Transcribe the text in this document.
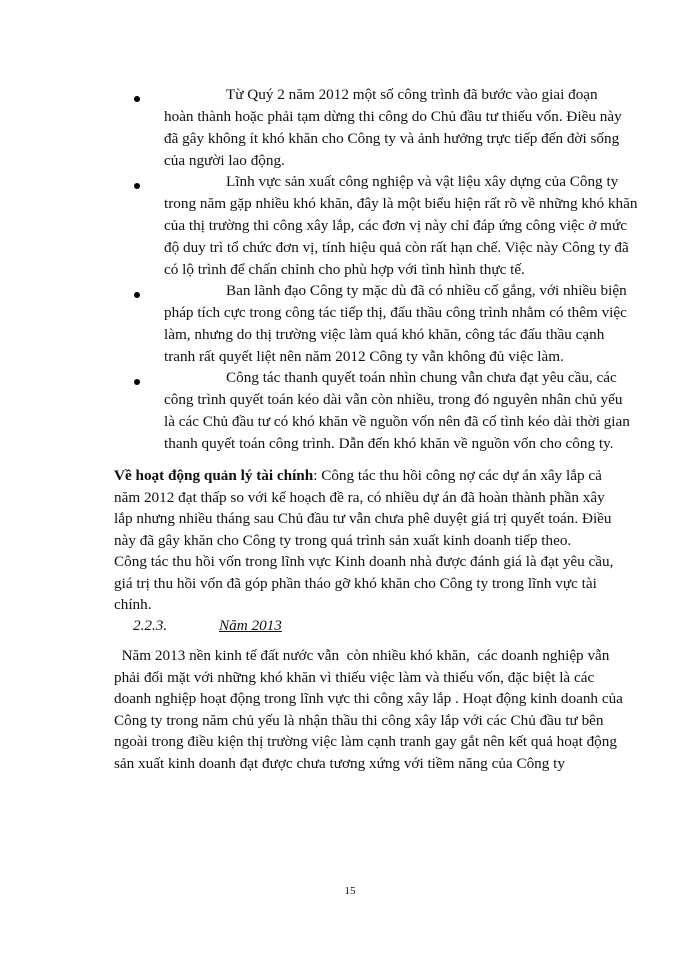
Từ Quý 2 năm 2012 một số công trình đã bước vào giai đoạn
hoàn thành hoặc phải tạm dừng thi công do Chủ đầu tư thiếu vốn. Điều này
đã gây không ít khó khăn cho Công ty và ảnh hưởng trực tiếp đến đời sống
của người lao động.
Lĩnh vực sản xuất công nghiệp và vật liệu xây dựng của Công ty
trong năm gặp nhiều khó khăn, đây là một biểu hiện rất rõ về những khó khăn
của thị trường thi công xây lắp, các đơn vị này chỉ đáp ứng công việc ở mức
độ duy trì tổ chức đơn vị, tính hiệu quả còn rất hạn chế. Việc này Công ty đã
có lộ trình để chấn chỉnh cho phù hợp với tình hình thực tế.
Ban lãnh đạo Công ty mặc dù đã có nhiều cố gắng, với nhiều biện
pháp tích cực trong công tác tiếp thị, đấu thầu công trình nhằm có thêm việc
làm, nhưng do thị trường việc làm quá khó khăn, công tác đấu thầu cạnh
tranh rất quyết liệt nên năm 2012 Công ty vẫn không đủ việc làm.
Công tác thanh quyết toán nhìn chung vẫn chưa đạt yêu cầu, các
công trình quyết toán kéo dài vẫn còn nhiều, trong đó nguyên nhân chủ yếu
là các Chủ đầu tư có khó khăn về nguồn vốn nên đã cố tình kéo dài thời gian
thanh quyết toán công trình. Dẫn đến khó khăn về nguồn vốn cho công ty.
Về hoạt động quản lý tài chính: Công tác thu hồi công nợ các dự án xây lắp cả
năm 2012 đạt thấp so với kế hoạch đề ra, có nhiều dự án đã hoàn thành phần xây
lắp nhưng nhiều tháng sau Chủ đầu tư vẫn chưa phê duyệt giá trị quyết toán. Điều
này đã gây khăn cho Công ty trong quá trình sản xuất kinh doanh tiếp theo.
Công tác thu hồi vốn trong lĩnh vực Kinh doanh nhà được đánh giá là đạt yêu cầu,
giá trị thu hồi vốn đã góp phần tháo gỡ khó khăn cho Công ty trong lĩnh vực tài
chính.
2.2.3.	Năm 2013
Năm 2013 nền kinh tế đất nước vẫn  còn nhiều khó khăn,  các doanh nghiệp vẫn
phải đối mặt với những khó khăn vì thiếu việc làm và thiếu vốn, đặc biệt là các
doanh nghiệp hoạt động trong lĩnh vực thi công xây lắp . Hoạt động kinh doanh của
Công ty trong năm chủ yếu là nhận thầu thi công xây lắp với các Chủ đầu tư bên
ngoài trong điều kiện thị trường việc làm cạnh tranh gay gắt nên kết quả hoạt động
sản xuất kinh doanh đạt được chưa tương xứng với tiềm năng của Công ty
15
